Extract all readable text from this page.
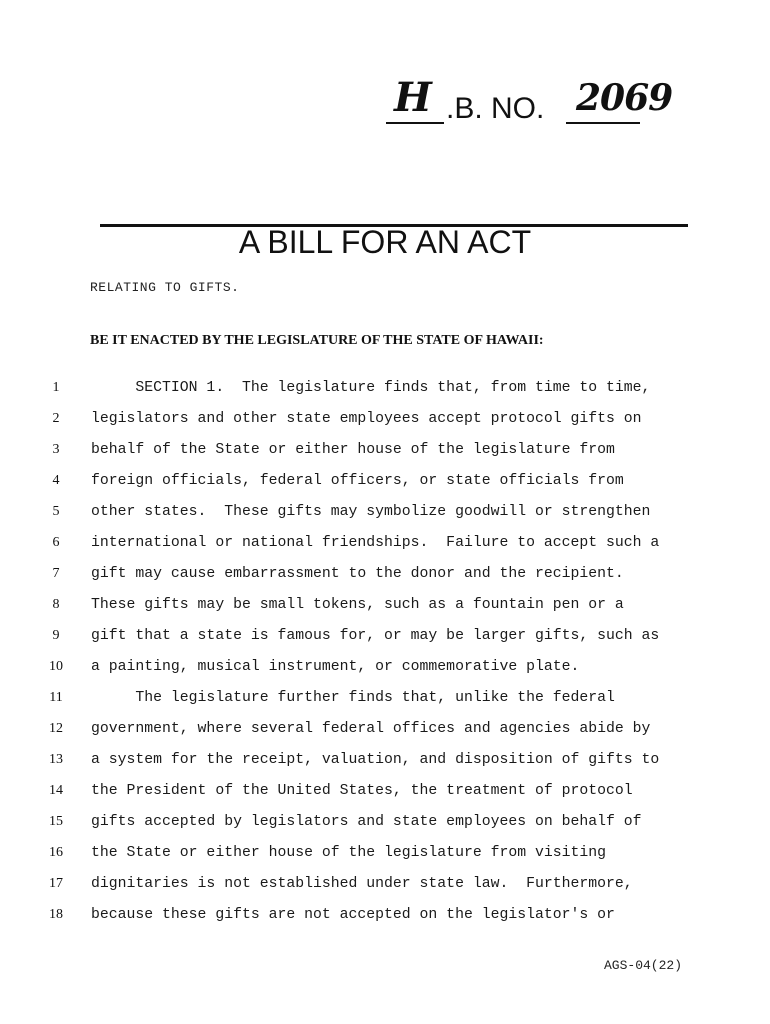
H .B. NO. 2069
A BILL FOR AN ACT
RELATING TO GIFTS.
BE IT ENACTED BY THE LEGISLATURE OF THE STATE OF HAWAII:
1	SECTION 1.  The legislature finds that, from time to time,
2	legislators and other state employees accept protocol gifts on
3	behalf of the State or either house of the legislature from
4	foreign officials, federal officers, or state officials from
5	other states.  These gifts may symbolize goodwill or strengthen
6	international or national friendships.  Failure to accept such a
7	gift may cause embarrassment to the donor and the recipient.
8	These gifts may be small tokens, such as a fountain pen or a
9	gift that a state is famous for, or may be larger gifts, such as
10	a painting, musical instrument, or commemorative plate.
11	The legislature further finds that, unlike the federal
12	government, where several federal offices and agencies abide by
13	a system for the receipt, valuation, and disposition of gifts to
14	the President of the United States, the treatment of protocol
15	gifts accepted by legislators and state employees on behalf of
16	the State or either house of the legislature from visiting
17	dignitaries is not established under state law.  Furthermore,
18	because these gifts are not accepted on the legislator's or
AGS-04(22)
